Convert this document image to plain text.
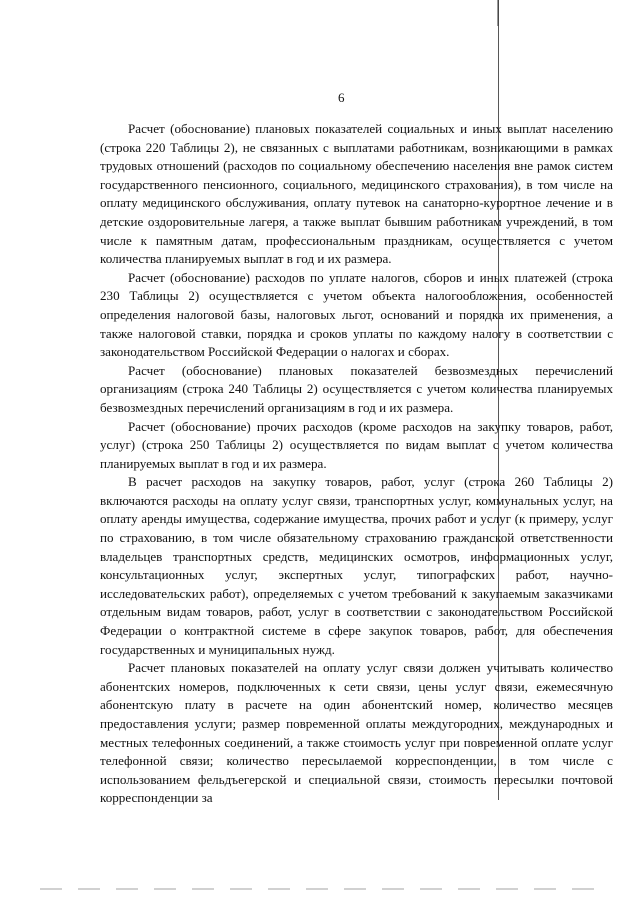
6

Расчет (обоснование) плановых показателей социальных и иных выплат населению (строка 220 Таблицы 2), не связанных с выплатами работникам, возникающими в рамках трудовых отношений (расходов по социальному обеспечению населения вне рамок систем государственного пенсионного, социального, медицинского страхования), в том числе на оплату медицинского обслуживания, оплату путевок на санаторно-курортное лечение и в детские оздоровительные лагеря, а также выплат бывшим работникам учреждений, в том числе к памятным датам, профессиональным праздникам, осуществляется с учетом количества планируемых выплат в год и их размера.

Расчет (обоснование) расходов по уплате налогов, сборов и иных платежей (строка 230 Таблицы 2) осуществляется с учетом объекта налогообложения, особенностей определения налоговой базы, налоговых льгот, оснований и порядка их применения, а также налоговой ставки, порядка и сроков уплаты по каждому налогу в соответствии с законодательством Российской Федерации о налогах и сборах.

Расчет (обоснование) плановых показателей безвозмездных перечислений организациям (строка 240 Таблицы 2) осуществляется с учетом количества планируемых безвозмездных перечислений организациям в год и их размера.

Расчет (обоснование) прочих расходов (кроме расходов на закупку товаров, работ, услуг) (строка 250 Таблицы 2) осуществляется по видам выплат с учетом количества планируемых выплат в год и их размера.

В расчет расходов на закупку товаров, работ, услуг (строка 260 Таблицы 2) включаются расходы на оплату услуг связи, транспортных услуг, коммунальных услуг, на оплату аренды имущества, содержание имущества, прочих работ и услуг (к примеру, услуг по страхованию, в том числе обязательному страхованию гражданской ответственности владельцев транспортных средств, медицинских осмотров, информационных услуг, консультационных услуг, экспертных услуг, типографских работ, научно-исследовательских работ), определяемых с учетом требований к закупаемым заказчиками отдельным видам товаров, работ, услуг в соответствии с законодательством Российской Федерации о контрактной системе в сфере закупок товаров, работ, для обеспечения государственных и муниципальных нужд.

Расчет плановых показателей на оплату услуг связи должен учитывать количество абонентских номеров, подключенных к сети связи, цены услуг связи, ежемесячную абонентскую плату в расчете на один абонентский номер, количество месяцев предоставления услуги; размер повременной оплаты междугородних, международных и местных телефонных соединений, а также стоимость услуг при повременной оплате услуг телефонной связи; количество пересылаемой корреспонденции, в том числе с использованием фельдъегерской и специальной связи, стоимость пересылки почтовой корреспонденции за
